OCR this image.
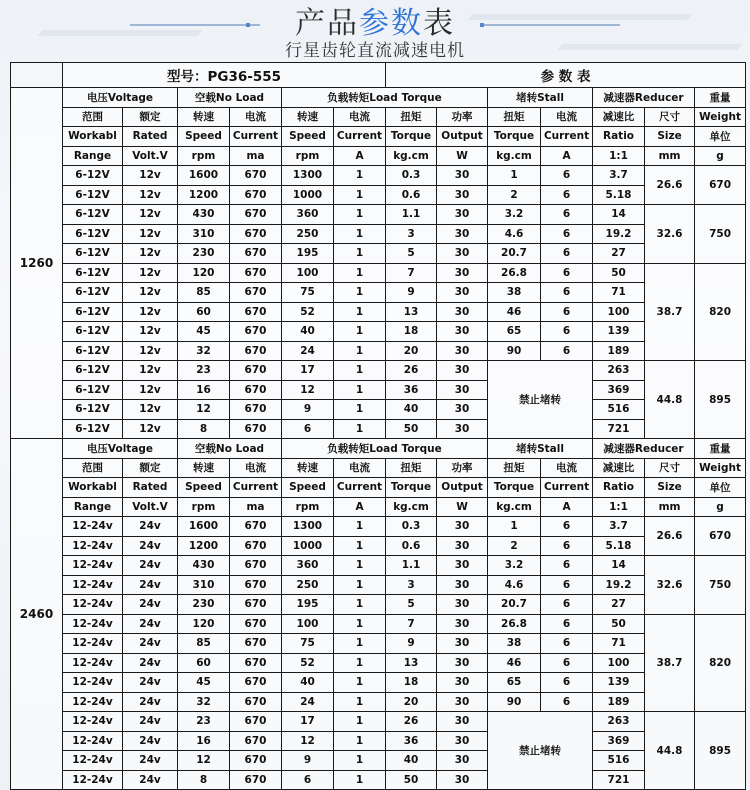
产品参数表
行星齿轮直流减速电机
	型号：PG36-555						参 数 表						
1260	电压Voltage		空载No Load		负载转矩Load Torque				堵转Stall		减速器Reducer		重量
	范围	额定	转速	电流	转速	电流	扭矩	功率	扭矩	电流	减速比	尺寸	Weight
	Workabl	Rated	Speed	Current	Speed	Current	Torque	Output	Torque	Current	Ratio	Size	单位
	Range	Volt.V	rpm	ma	rpm	A	kg.cm	W	kg.cm	A	1:1	mm	g
	6-12V	12v	1600	670	1300	1	0.3	30	1	6	3.7	26.6	670
	6-12V	12v	1200	670	1000	1	0.6	30	2	6	5.18		
	6-12V	12v	430	670	360	1	1.1	30	3.2	6	14	32.6	750
	6-12V	12v	310	670	250	1	3	30	4.6	6	19.2		
	6-12V	12v	230	670	195	1	5	30	20.7	6	27		
	6-12V	12v	120	670	100	1	7	30	26.8	6	50	38.7	820
	6-12V	12v	85	670	75	1	9	30	38	6	71		
	6-12V	12v	60	670	52	1	13	30	46	6	100		
	6-12V	12v	45	670	40	1	18	30	65	6	139		
	6-12V	12v	32	670	24	1	20	30	90	6	189		
	6-12V	12v	23	670	17	1	26	30	禁止堵转		263	44.8	895
	6-12V	12v	16	670	12	1	36	30			369		
	6-12V	12v	12	670	9	1	40	30			516		
	6-12V	12v	8	670	6	1	50	30			721		
2460	电压Voltage		空载No Load		负载转矩Load Torque				堵转Stall		减速器Reducer		重量
	范围	额定	转速	电流	转速	电流	扭矩	功率	扭矩	电流	减速比	尺寸	Weight
	Workabl	Rated	Speed	Current	Speed	Current	Torque	Output	Torque	Current	Ratio	Size	单位
	Range	Volt.V	rpm	ma	rpm	A	kg.cm	W	kg.cm	A	1:1	mm	g
	12-24v	24v	1600	670	1300	1	0.3	30	1	6	3.7	26.6	670
	12-24v	24v	1200	670	1000	1	0.6	30	2	6	5.18		
	12-24v	24v	430	670	360	1	1.1	30	3.2	6	14	32.6	750
	12-24v	24v	310	670	250	1	3	30	4.6	6	19.2		
	12-24v	24v	230	670	195	1	5	30	20.7	6	27		
	12-24v	24v	120	670	100	1	7	30	26.8	6	50	38.7	820
	12-24v	24v	85	670	75	1	9	30	38	6	71		
	12-24v	24v	60	670	52	1	13	30	46	6	100		
	12-24v	24v	45	670	40	1	18	30	65	6	139		
	12-24v	24v	32	670	24	1	20	30	90	6	189		
	12-24v	24v	23	670	17	1	26	30	禁止堵转		263	44.8	895
	12-24v	24v	16	670	12	1	36	30			369		
	12-24v	24v	12	670	9	1	40	30			516		
	12-24v	24v	8	670	6	1	50	30			721		
